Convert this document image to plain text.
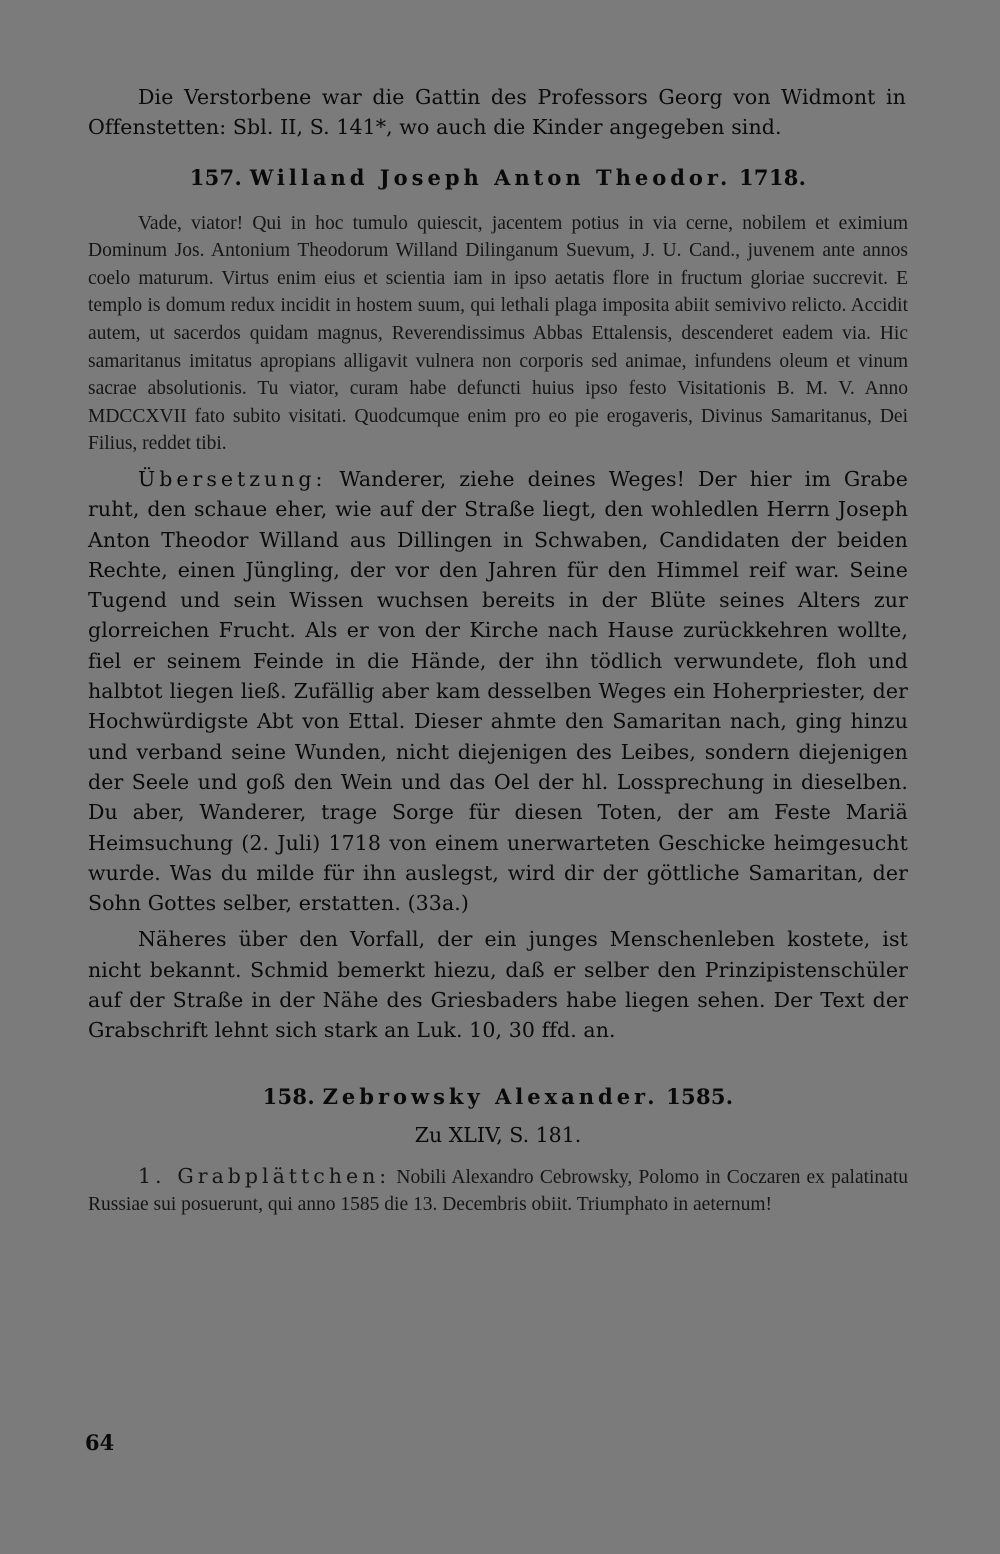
Die Verstorbene war die Gattin des Professors Georg von Widmont in Offenstetten: Sbl. II, S. 141*, wo auch die Kinder angegeben sind.

157. Willand Joseph Anton Theodor. 1718.

Vade, viator! Qui in hoc tumulo quiescit, jacentem potius in via cerne, nobilem et eximium Dominum Jos. Antonium Theodorum Willand Dilinganum Suevum, J. U. Cand., juvenem ante annos coelo maturum. Virtus enim eius et scientia iam in ipso aetatis flore in fructum gloriae succrevit. E templo is domum redux incidit in hostem suum, qui lethali plaga imposita abiit semivivo relicto. Accidit autem, ut sacerdos quidam magnus, Reverendissimus Abbas Ettalensis, descenderet eadem via. Hic samaritanus imitatus apropians alligavit vulnera non corporis sed animae, infundens oleum et vinum sacrae absolutionis. Tu viator, curam habe defuncti huius ipso festo Visitationis B. M. V. Anno MDCCXVII fato subito visitati. Quodcumque enim pro eo pie erogaveris, Divinus Samaritanus, Dei Filius, reddet tibi.

Übersetzung: Wanderer, ziehe deines Weges! Der hier im Grabe ruht, den schaue eher, wie auf der Straße liegt, den wohledlen Herrn Joseph Anton Theodor Willand aus Dillingen in Schwaben, Candidaten der beiden Rechte, einen Jüngling, der vor den Jahren für den Himmel reif war. Seine Tugend und sein Wissen wuchsen bereits in der Blüte seines Alters zur glorreichen Frucht. Als er von der Kirche nach Hause zurückkehren wollte, fiel er seinem Feinde in die Hände, der ihn tödlich verwundete, floh und halbtot liegen ließ. Zufällig aber kam desselben Weges ein Hoherpriester, der Hochwürdigste Abt von Ettal. Dieser ahmte den Samaritan nach, ging hinzu und verband seine Wunden, nicht diejenigen des Leibes, sondern diejenigen der Seele und goß den Wein und das Oel der hl. Lossprechung in dieselben. Du aber, Wanderer, trage Sorge für diesen Toten, der am Feste Mariä Heimsuchung (2. Juli) 1718 von einem unerwarteten Geschicke heimgesucht wurde. Was du milde für ihn auslegst, wird dir der göttliche Samaritan, der Sohn Gottes selber, erstatten. (33a.)

Näheres über den Vorfall, der ein junges Menschenleben kostete, ist nicht bekannt. Schmid bemerkt hiezu, daß er selber den Prinzipistenschüler auf der Straße in der Nähe des Griesbaders habe liegen sehen. Der Text der Grabschrift lehnt sich stark an Luk. 10, 30 ffd. an.

158. Zebrowsky Alexander. 1585.

Zu XLIV, S. 181.

1. Grabplättchen: Nobili Alexandro Cebrowsky, Polomo in Coczaren ex palatinatu Russiae sui posuerunt, qui anno 1585 die 13. Decembris obiit. Triumphato in aeternum!

64
